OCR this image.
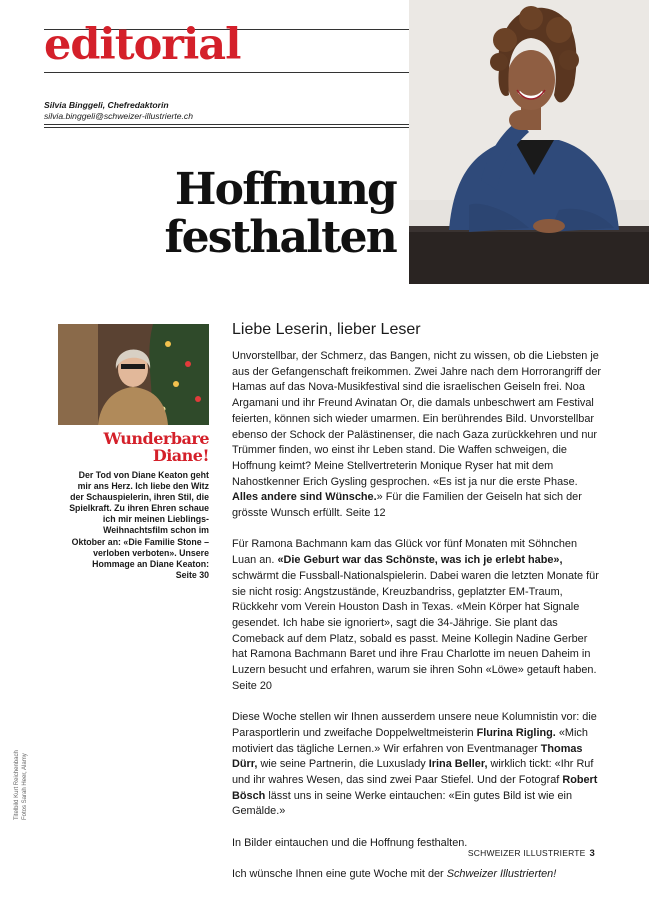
editorial
Silvia Binggeli, Chefredaktorin
silvia.binggeli@schweizer-illustrierte.ch
Hoffnung
festhalten
Wunderbare
Diane!
Der Tod von Diane Keaton geht mir ans Herz. Ich liebe den Witz der Schauspielerin, ihren Stil, die Spielkraft. Zu ihren Ehren schaue ich mir meinen Lieblings-Weihnachtsfilm schon im Oktober an: «Die Familie Stone – verloben verboten». Unsere Hommage an Diane Keaton: Seite 30
Liebe Leserin, lieber Leser

Unvorstellbar, der Schmerz, das Bangen, nicht zu wissen, ob die Liebsten je aus der Gefangenschaft freikommen. Zwei Jahre nach dem Horrorangriff der Hamas auf das Nova-Musikfestival sind die israelischen Geiseln frei. Noa Argamani und ihr Freund Avinatan Or, die damals unbeschwert am Festival feierten, können sich wieder umarmen. Ein berührendes Bild. Unvorstellbar ebenso der Schock der Palästinenser, die nach Gaza zurückkehren und nur Trümmer finden, wo einst ihr Leben stand. Die Waffen schweigen, die Hoffnung keimt? Meine Stellvertreterin Monique Ryser hat mit dem Nahostkenner Erich Gysling gesprochen. «Es ist ja nur die erste Phase. Alles andere sind Wünsche.» Für die Familien der Geiseln hat sich der grösste Wunsch erfüllt. Seite 12

Für Ramona Bachmann kam das Glück vor fünf Monaten mit Söhnchen Luan an. «Die Geburt war das Schönste, was ich je erlebt habe», schwärmt die Fussball-Nationalspielerin. Dabei waren die letzten Monate für sie nicht rosig: Angstzustände, Kreuzbandriss, geplatzter EM-Traum, Rückkehr vom Verein Houston Dash in Texas. «Mein Körper hat Signale gesendet. Ich habe sie ignoriert», sagt die 34-Jährige. Sie plant das Comeback auf dem Platz, sobald es passt. Meine Kollegin Nadine Gerber hat Ramona Bachmann Baret und ihre Frau Charlotte im neuen Daheim in Luzern besucht und erfahren, warum sie ihren Sohn «Löwe» getauft haben. Seite 20

Diese Woche stellen wir Ihnen ausserdem unsere neue Kolumnistin vor: die Parasportlerin und zweifache Doppelweltmeisterin Flurina Rigling. «Mich motiviert das tägliche Lernen.» Wir erfahren von Eventmanager Thomas Dürr, wie seine Partnerin, die Luxuslady Irina Beller, wirklich tickt: «Ihr Ruf und ihr wahres Wesen, das sind zwei Paar Stiefel. Und der Fotograf Robert Bösch lässt uns in seine Werke eintauchen: «Ein gutes Bild ist wie ein Gemälde.»

In Bilder eintauchen und die Hoffnung festhalten.

Ich wünsche Ihnen eine gute Woche mit der Schweizer Illustrierten!

Titelbild Kurt Reichenbach Fotos Sarah Heer, Alamy
SCHWEIZER ILLUSTRIERTE 3
